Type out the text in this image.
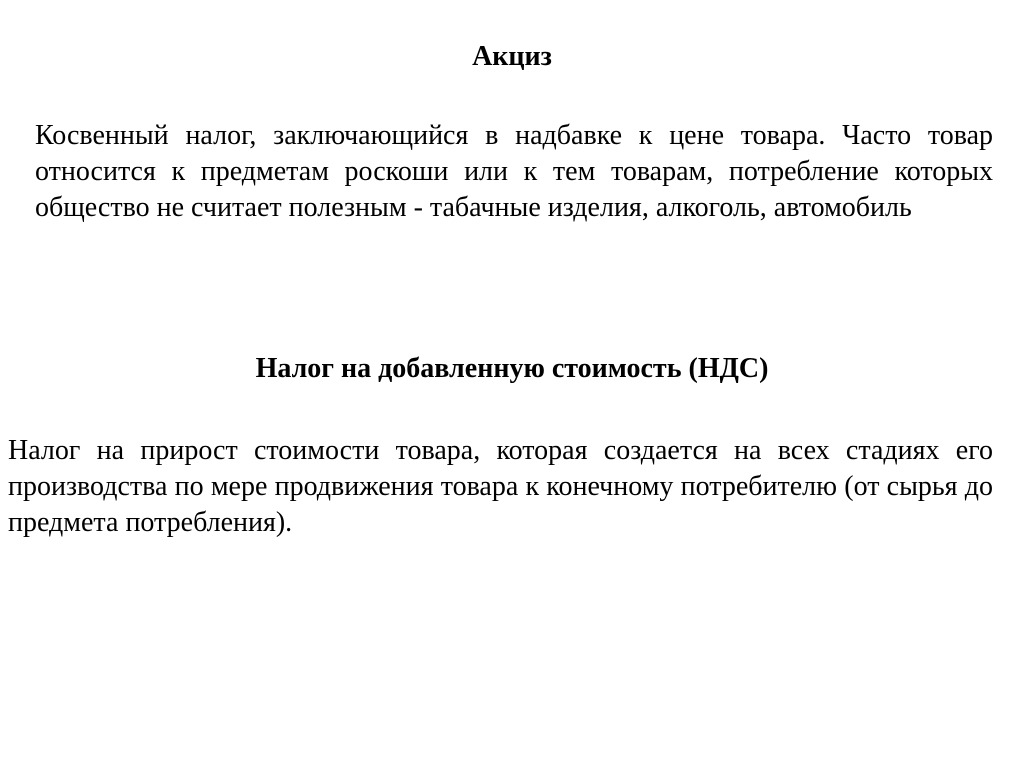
Акциз

Косвенный налог, заключающийся в надбавке к цене товара. Часто товар относится к предметам роскоши или к тем товарам, потребление которых общество не считает полезным - табачные изделия, алкоголь, автомобиль

Налог на добавленную стоимость (НДС)

Налог на прирост стоимости товара, которая создается на всех стадиях его производства по мере продвижения товара к конечному потребителю (от сырья до предмета потребления).
